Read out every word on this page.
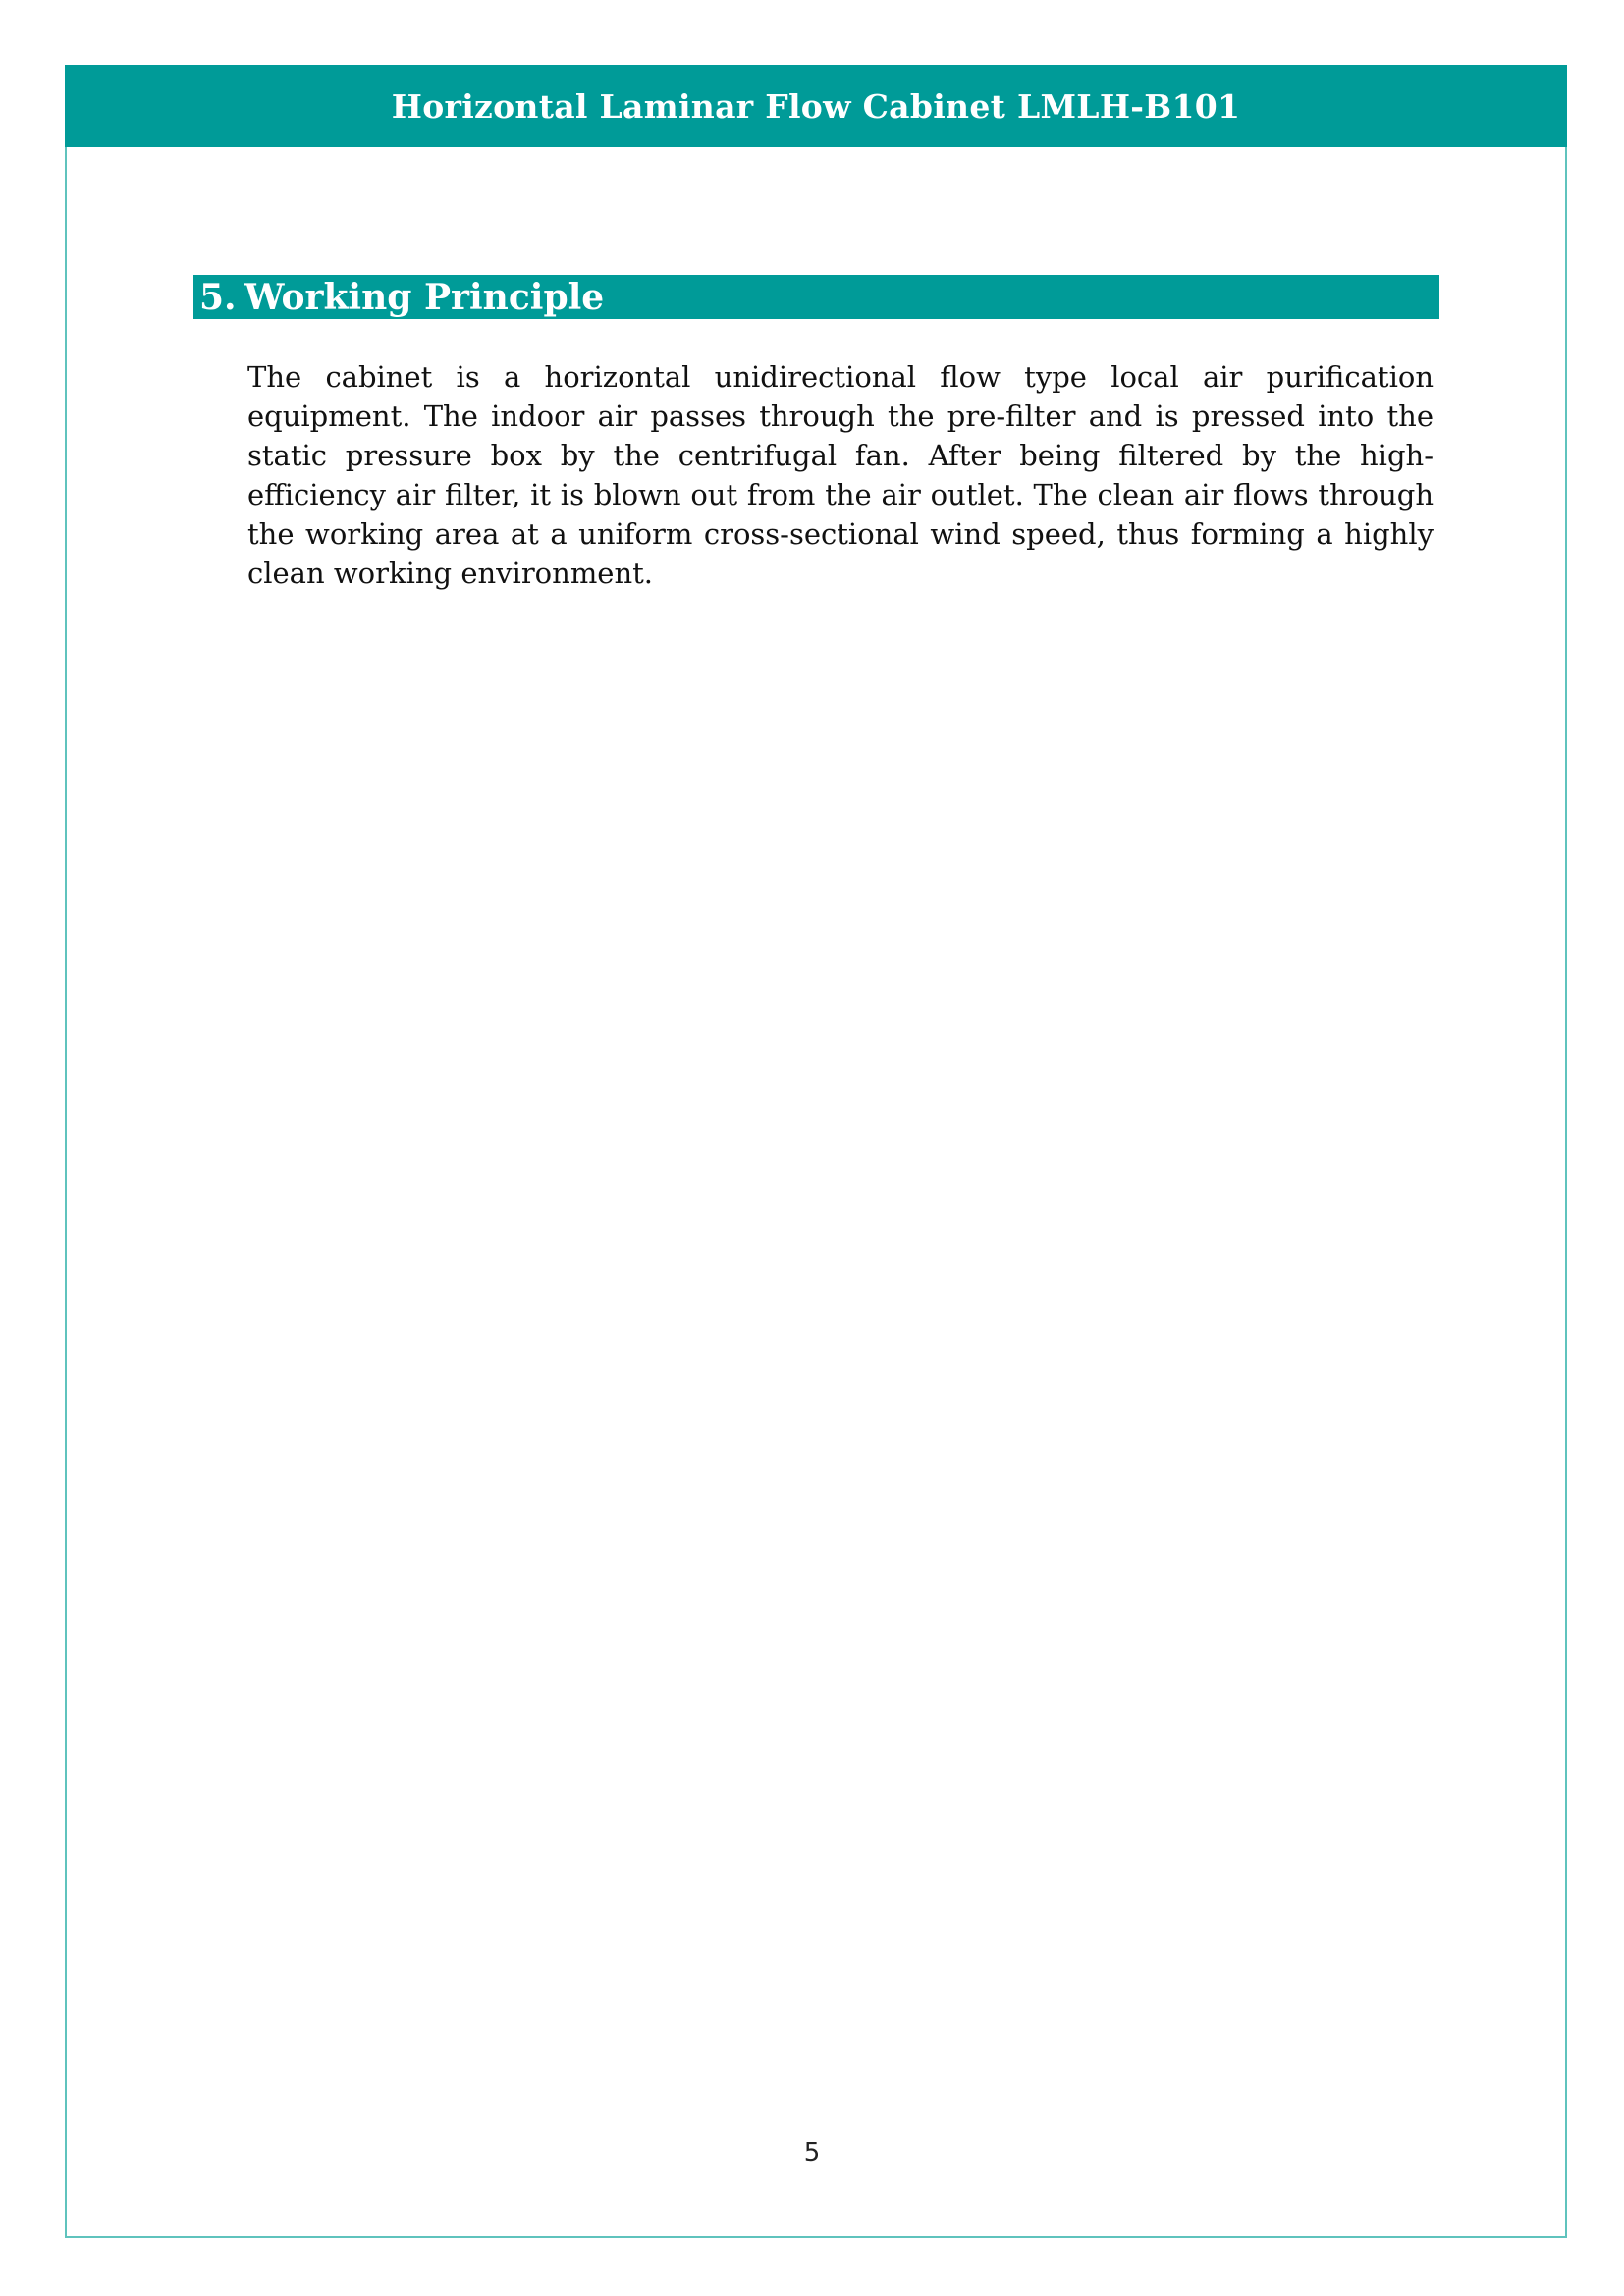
Horizontal Laminar Flow Cabinet LMLH-B101
5. Working Principle

The cabinet is a horizontal unidirectional flow type local air purification equipment. The indoor air passes through the pre-filter and is pressed into the static pressure box by the centrifugal fan. After being filtered by the high-efficiency air filter, it is blown out from the air outlet. The clean air flows through the working area at a uniform cross-sectional wind speed, thus forming a highly clean working environment.

5
